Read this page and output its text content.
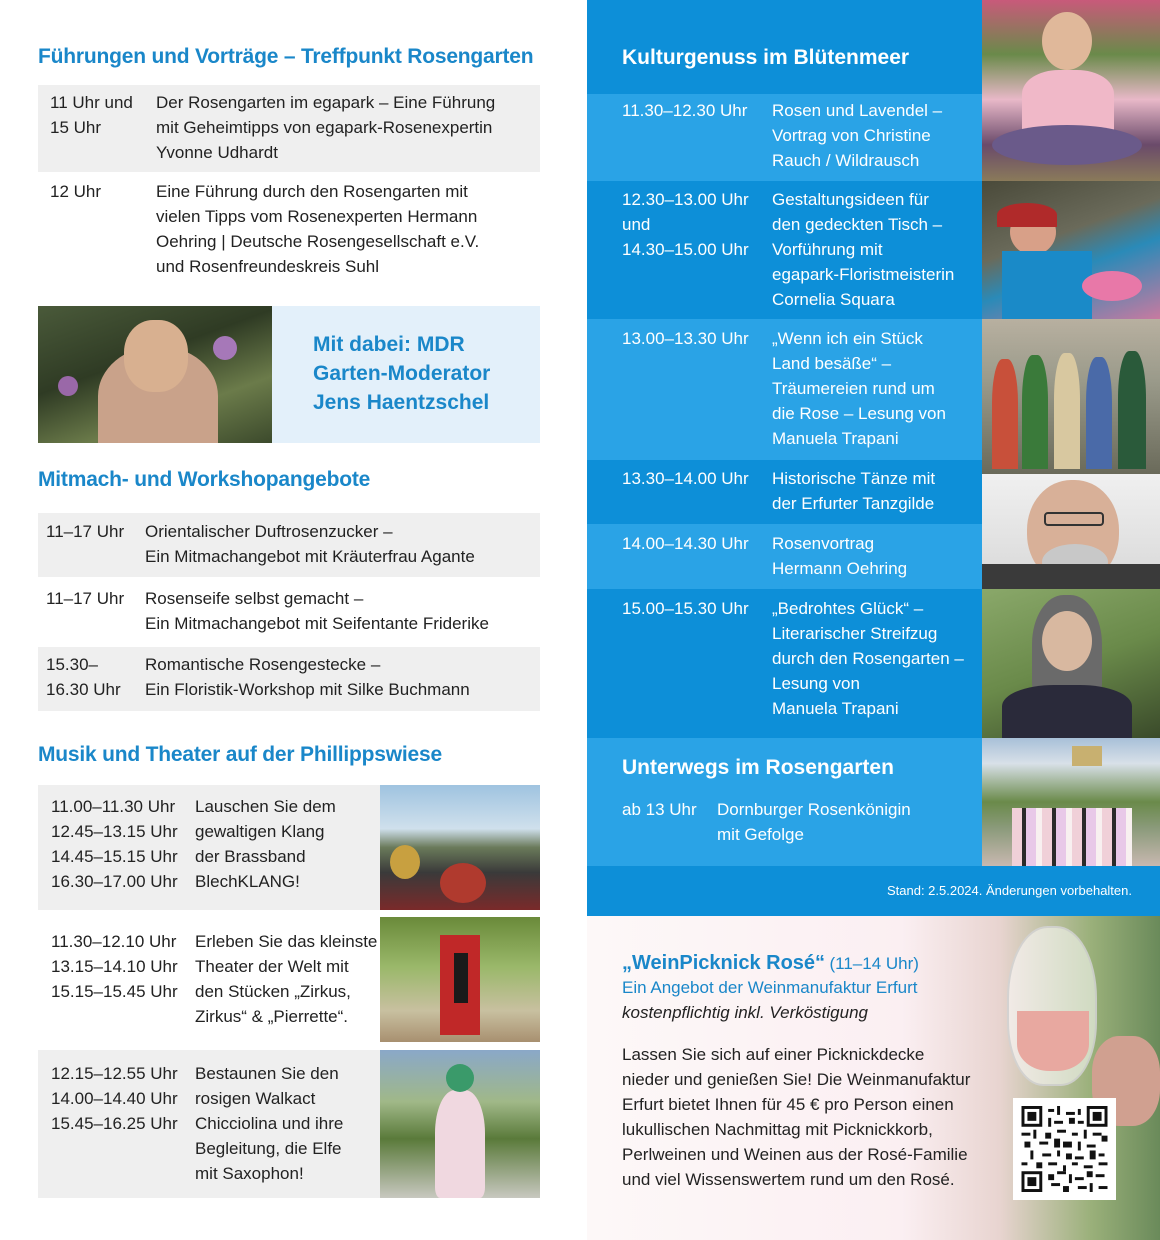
Führungen und Vorträge – Treffpunkt Rosengarten
11 Uhr und
15 Uhr
Der Rosengarten im egapark – Eine Führung
mit Geheimtipps von egapark-Rosenexpertin
Yvonne Udhardt
12 Uhr	Eine Führung durch den Rosengarten mit
vielen Tipps vom Rosenexperten Hermann
Oehring | Deutsche Rosengesellschaft e.V.
und Rosenfreundeskreis Suhl
Mit dabei: MDR
Garten-Moderator
Jens Haentzschel
Mitmach- und Workshopangebote
11–17 Uhr Orientalischer Duftrosenzucker –
Ein Mitmachangebot mit Kräuterfrau Agante
11–17 Uhr Rosenseife selbst gemacht –
Ein Mitmachangebot mit Seifentante Friderike
15.30–
16.30 Uhr
Romantische Rosengestecke –
Ein Floristik-Workshop mit Silke Buchmann
Musik und Theater auf der Phillippswiese
11.00–11.30 Uhr
12.45–13.15 Uhr
14.45–15.15 Uhr
16.30–17.00 Uhr
Lauschen Sie dem
gewaltigen Klang
der Brassband
BlechKLANG!
11.30–12.10 Uhr
13.15–14.10 Uhr
15.15–15.45 Uhr
Erleben Sie das kleinste
Theater der Welt mit
den Stücken „Zirkus,
Zirkus“ & „Pierrette“.
12.15–12.55 Uhr
14.00–14.40 Uhr
15.45–16.25 Uhr
Bestaunen Sie den
rosigen Walkact
Chicciolina und ihre
Begleitung, die Elfe
mit Saxophon!
Kulturgenuss im Blütenmeer
11.30–12.30 Uhr Rosen und Lavendel –
Vortrag von Christine
Rauch / Wildrausch
12.30–13.00 Uhr
und
14.30–15.00 Uhr
Gestaltungsideen für
den gedeckten Tisch –
Vorführung mit
egapark-Floristmeisterin
Cornelia Squara
13.00–13.30 Uhr „Wenn ich ein Stück
Land besäße“ –
Träumereien rund um
die Rose – Lesung von
Manuela Trapani
13.30–14.00 Uhr Historische Tänze mit
der Erfurter Tanzgilde
14.00–14.30 Uhr Rosenvortrag
Hermann Oehring
15.00–15.30 Uhr „Bedrohtes Glück“ –
Literarischer Streifzug
durch den Rosengarten –
Lesung von
Manuela Trapani
Unterwegs im Rosengarten
ab 13 Uhr Dornburger Rosenkönigin
mit Gefolge
Stand: 2.5.2024. Änderungen vorbehalten.
„WeinPicknick Rosé“ (11–14 Uhr)
Ein Angebot der Weinmanufaktur Erfurt
kostenpflichtig inkl. Verköstigung
Lassen Sie sich auf einer Picknickdecke
nieder und genießen Sie! Die Weinmanufaktur
Erfurt bietet Ihnen für 45 € pro Person einen
lukullischen Nachmittag mit Picknickkorb,
Perlweinen und Weinen aus der Rosé-Familie
und viel Wissenswertem rund um den Rosé.
